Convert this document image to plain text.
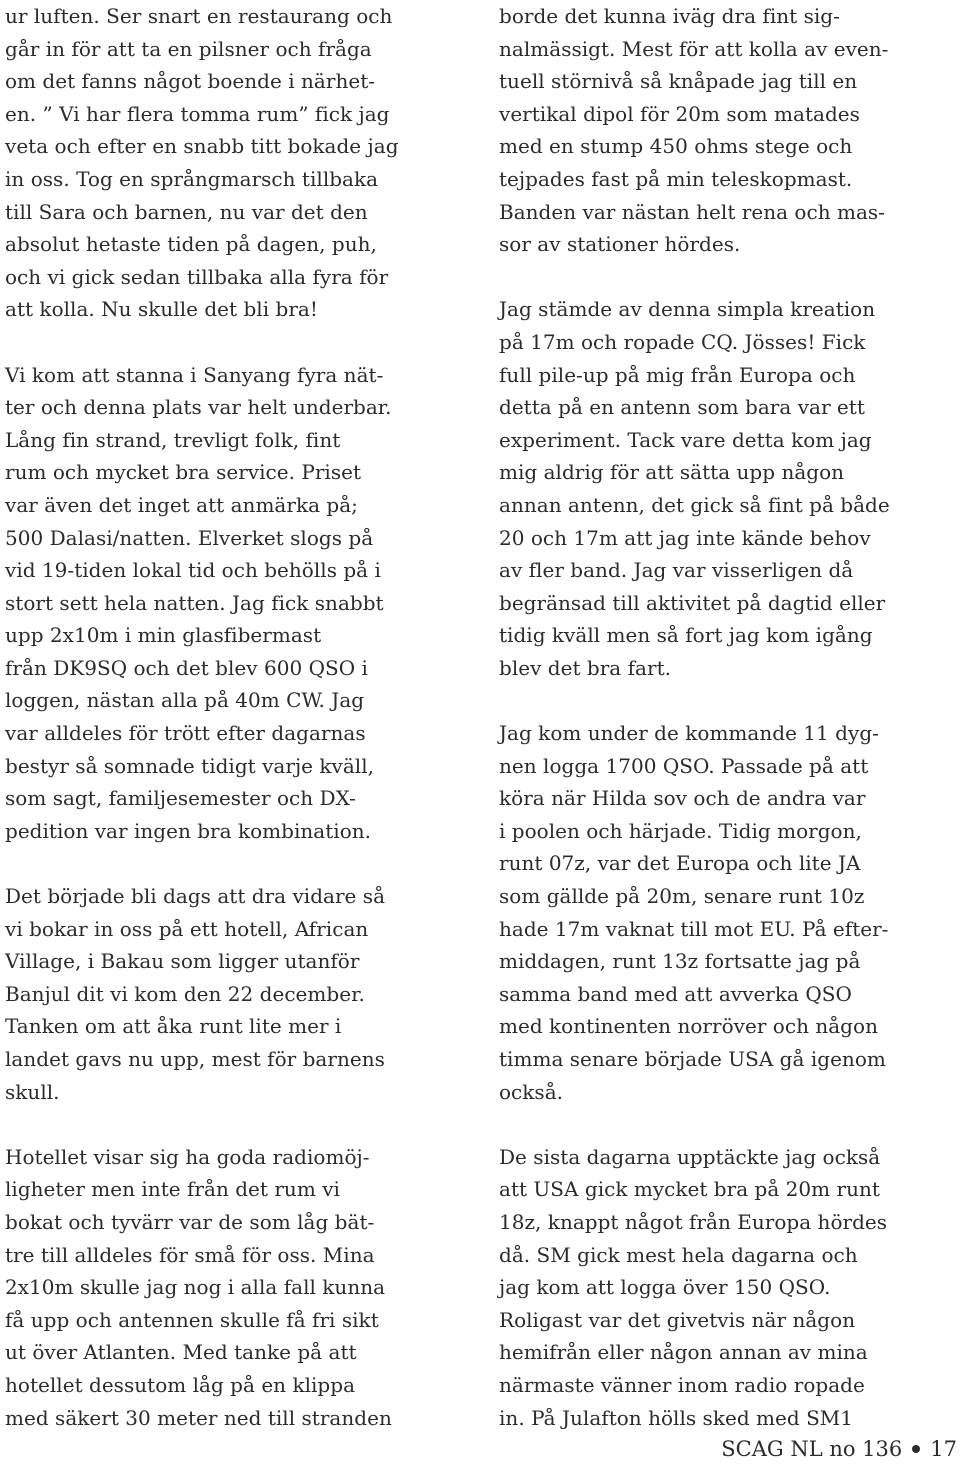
ur luften. Ser snart en restaurang och
går in för att ta en pilsner och fråga
om det fanns något boende i närhet-
en. ” Vi har flera tomma rum” fick jag
veta och efter en snabb titt bokade jag
in oss. Tog en språngmarsch tillbaka
till Sara och barnen, nu var det den
absolut hetaste tiden på dagen, puh,
och vi gick sedan tillbaka alla fyra för
att kolla. Nu skulle det bli bra!
Vi kom att stanna i Sanyang fyra nät-
ter och denna plats var helt underbar.
Lång fin strand, trevligt folk, fint
rum och mycket bra service. Priset
var även det inget att anmärka på;
500 Dalasi/natten. Elverket slogs på
vid 19-tiden lokal tid och behölls på i
stort sett hela natten. Jag fick snabbt
upp 2x10m i min glasfibermast
från DK9SQ och det blev 600 QSO i
loggen, nästan alla på 40m CW. Jag
var alldeles för trött efter dagarnas
bestyr så somnade tidigt varje kväll,
som sagt, familjesemester och DX-
pedition var ingen bra kombination.
Det började bli dags att dra vidare så
vi bokar in oss på ett hotell, African
Village, i Bakau som ligger utanför
Banjul dit vi kom den 22 december.
Tanken om att åka runt lite mer i
landet gavs nu upp, mest för barnens
skull.
Hotellet visar sig ha goda radiomöj-
ligheter men inte från det rum vi
bokat och tyvärr var de som låg bät-
tre till alldeles för små för oss. Mina
2x10m skulle jag nog i alla fall kunna
få upp och antennen skulle få fri sikt
ut över Atlanten. Med tanke på att
hotellet dessutom låg på en klippa
med säkert 30 meter ned till stranden
borde det kunna iväg dra fint sig-
nalmässigt. Mest för att kolla av even-
tuell störnivå så knåpade jag till en
vertikal dipol för 20m som matades
med en stump 450 ohms stege och
tejpades fast på min teleskopmast.
Banden var nästan helt rena och mas-
sor av stationer hördes.
Jag stämde av denna simpla kreation
på 17m och ropade CQ. Jösses! Fick
full pile-up på mig från Europa och
detta på en antenn som bara var ett
experiment. Tack vare detta kom jag
mig aldrig för att sätta upp någon
annan antenn, det gick så fint på både
20 och 17m att jag inte kände behov
av fler band. Jag var visserligen då
begränsad till aktivitet på dagtid eller
tidig kväll men så fort jag kom igång
blev det bra fart.
Jag kom under de kommande 11 dyg-
nen logga 1700 QSO. Passade på att
köra när Hilda sov och de andra var
i poolen och härjade. Tidig morgon,
runt 07z, var det Europa och lite JA
som gällde på 20m, senare runt 10z
hade 17m vaknat till mot EU. På efter-
middagen, runt 13z fortsatte jag på
samma band med att avverka QSO
med kontinenten norröver och någon
timma senare började USA gå igenom
också.
De sista dagarna upptäckte jag också
att USA gick mycket bra på 20m runt
18z, knappt något från Europa hördes
då. SM gick mest hela dagarna och
jag kom att logga över 150 QSO.
Roligast var det givetvis när någon
hemifrån eller någon annan av mina
närmaste vänner inom radio ropade
in. På Julafton hölls sked med SM1
SCAG NL no 136 17
